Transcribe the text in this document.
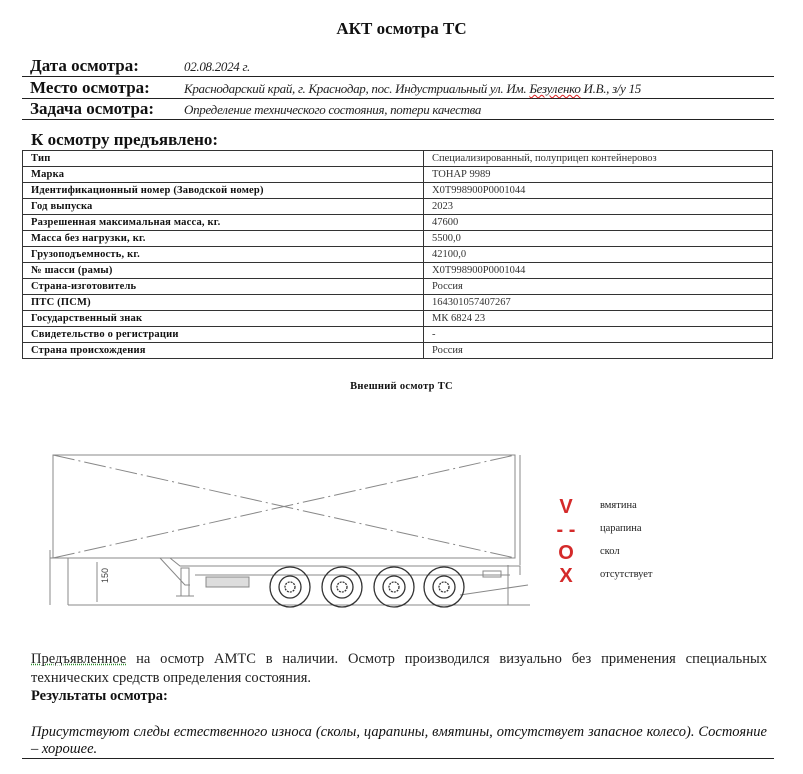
АКТ осмотра ТС
Дата осмотра:	02.08.2024 г.
Место осмотра:	Краснодарский край, г. Краснодар, пос. Индустриальный ул. Им. Безуленко И.В., з/у 15
Задача осмотра: Определение технического состояния, потери качества
К осмотру предъявлено:
Тип	Специализированный, полуприцеп контейнеровоз
Марка	ТОНАР 9989
Идентификационный номер (Заводской номер)	X0T998900P0001044
Год выпуска	2023
Разрешенная максимальная масса, кг.	47600
Масса без нагрузки, кг.	5500,0
Грузоподъемность, кг.	42100,0
№ шасси (рамы)	X0T998900P0001044
Страна-изготовитель	Россия
ПТС (ПСМ)	164301057407267
Государственный знак	МК 6824 23
Свидетельство о регистрации	-
Страна происхождения	Россия
Внешний осмотр ТС
150
V	вмятина
- - царапина
O	скол
X	отсутствует
Предъявленное на осмотр АМТС в наличии. Осмотр производился визуально без применения специальных технических средств определения состояния.
Результаты осмотра:
Присутствуют следы естественного износа (сколы, царапины, вмятины, отсутствует запасное колесо). Состояние – хорошее.
